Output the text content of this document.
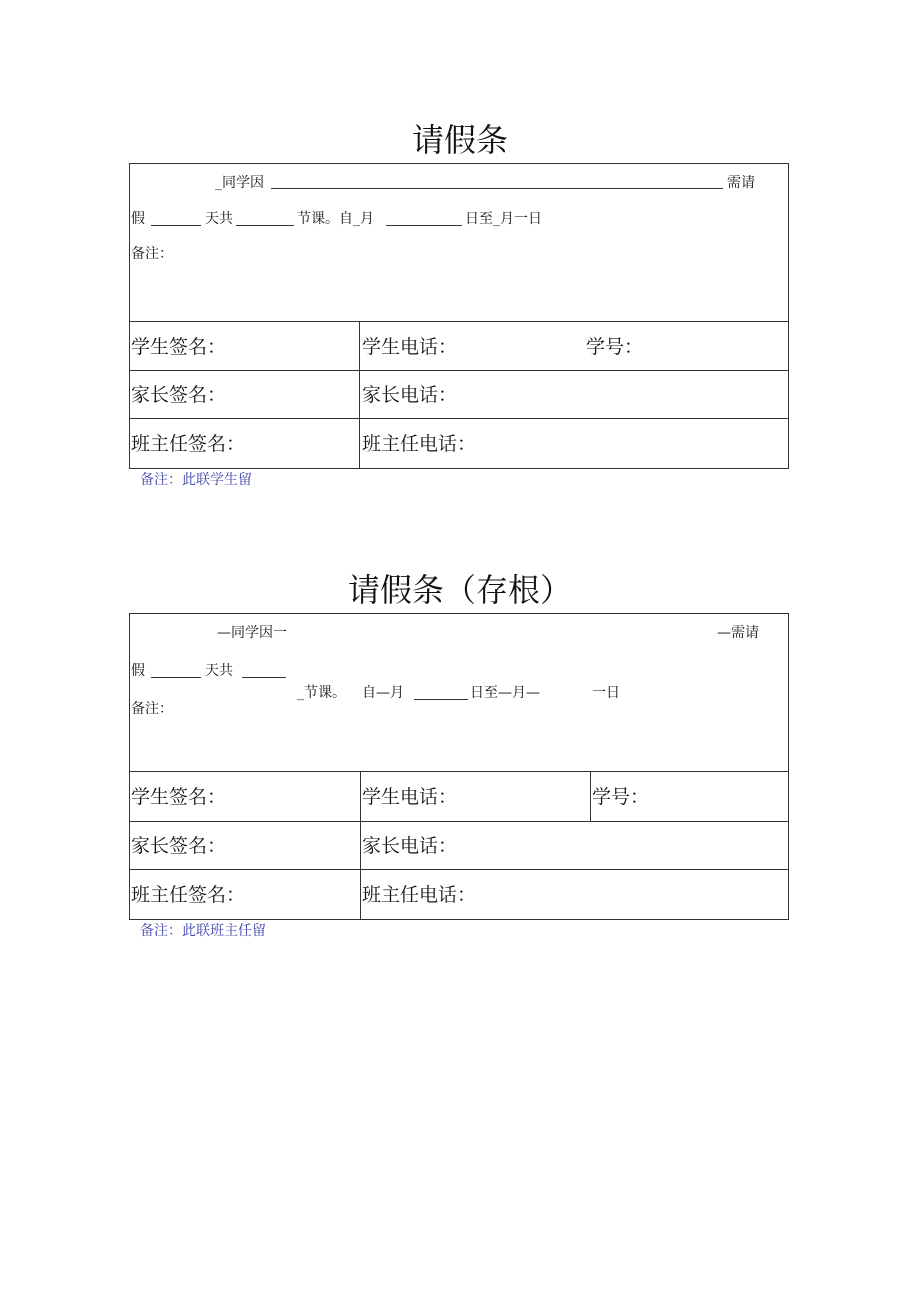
请假条
_同学因	需请
假	天共	节课。自_月	日至_月一日
备注：
学生签名：	学生电话：	学号：
家长签名：	家长电话：
班主任签名：	班主任电话：
备注：此联学生留
请假条（存根）
—同学因一	—需请
假	天共
_节课。 自—月	日至—月—	一日
备注：
学生签名：	学生电话：	学号：
家长签名：	家长电话：
班主任签名：	班主任电话：
备注：此联班主任留
